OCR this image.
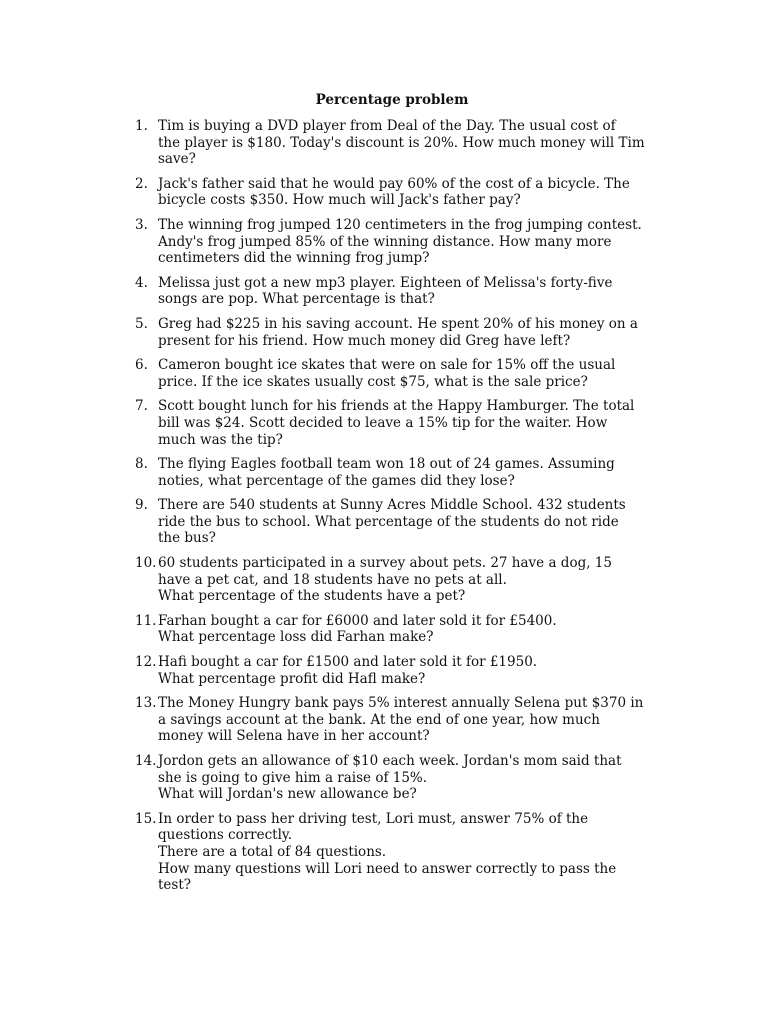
Percentage problem
1. Tim is buying a DVD player from Deal of the Day. The usual cost of
the player is $180. Today's discount is 20%. How much money will Tim
save?
2. Jack's father said that he would pay 60% of the cost of a bicycle. The
bicycle costs $350. How much will Jack's father pay?
3. The winning frog jumped 120 centimeters in the frog jumping contest.
Andy's frog jumped 85% of the winning distance. How many more
centimeters did the winning frog jump?
4. Melissa just got a new mp3 player. Eighteen of Melissa's forty-five
songs are pop. What percentage is that?
5. Greg had $225 in his saving account. He spent 20% of his money on a
present for his friend. How much money did Greg have left?
6. Cameron bought ice skates that were on sale for 15% off the usual
price. If the ice skates usually cost $75, what is the sale price?
7. Scott bought lunch for his friends at the Happy Hamburger. The total
bill was $24. Scott decided to leave a 15% tip for the waiter. How
much was the tip?
8. The flying Eagles football team won 18 out of 24 games. Assuming
noties, what percentage of the games did they lose?
9. There are 540 students at Sunny Acres Middle School. 432 students
ride the bus to school. What percentage of the students do not ride
the bus?
10. 60 students participated in a survey about pets. 27 have a dog, 15
have a pet cat, and 18 students have no pets at all.
What percentage of the students have a pet?
11. Farhan bought a car for £6000 and later sold it for £5400.
What percentage loss did Farhan make?
12. Hafi bought a car for £1500 and later sold it for £1950.
What percentage profit did Hafl make?
13. The Money Hungry bank pays 5% interest annually Selena put $370 in
a savings account at the bank. At the end of one year, how much
money will Selena have in her account?
14. Jordon gets an allowance of $10 each week. Jordan's mom said that
she is going to give him a raise of 15%.
What will Jordan's new allowance be?
15. In order to pass her driving test, Lori must, answer 75% of the
questions correctly.
There are a total of 84 questions.
How many questions will Lori need to answer correctly to pass the
test?
